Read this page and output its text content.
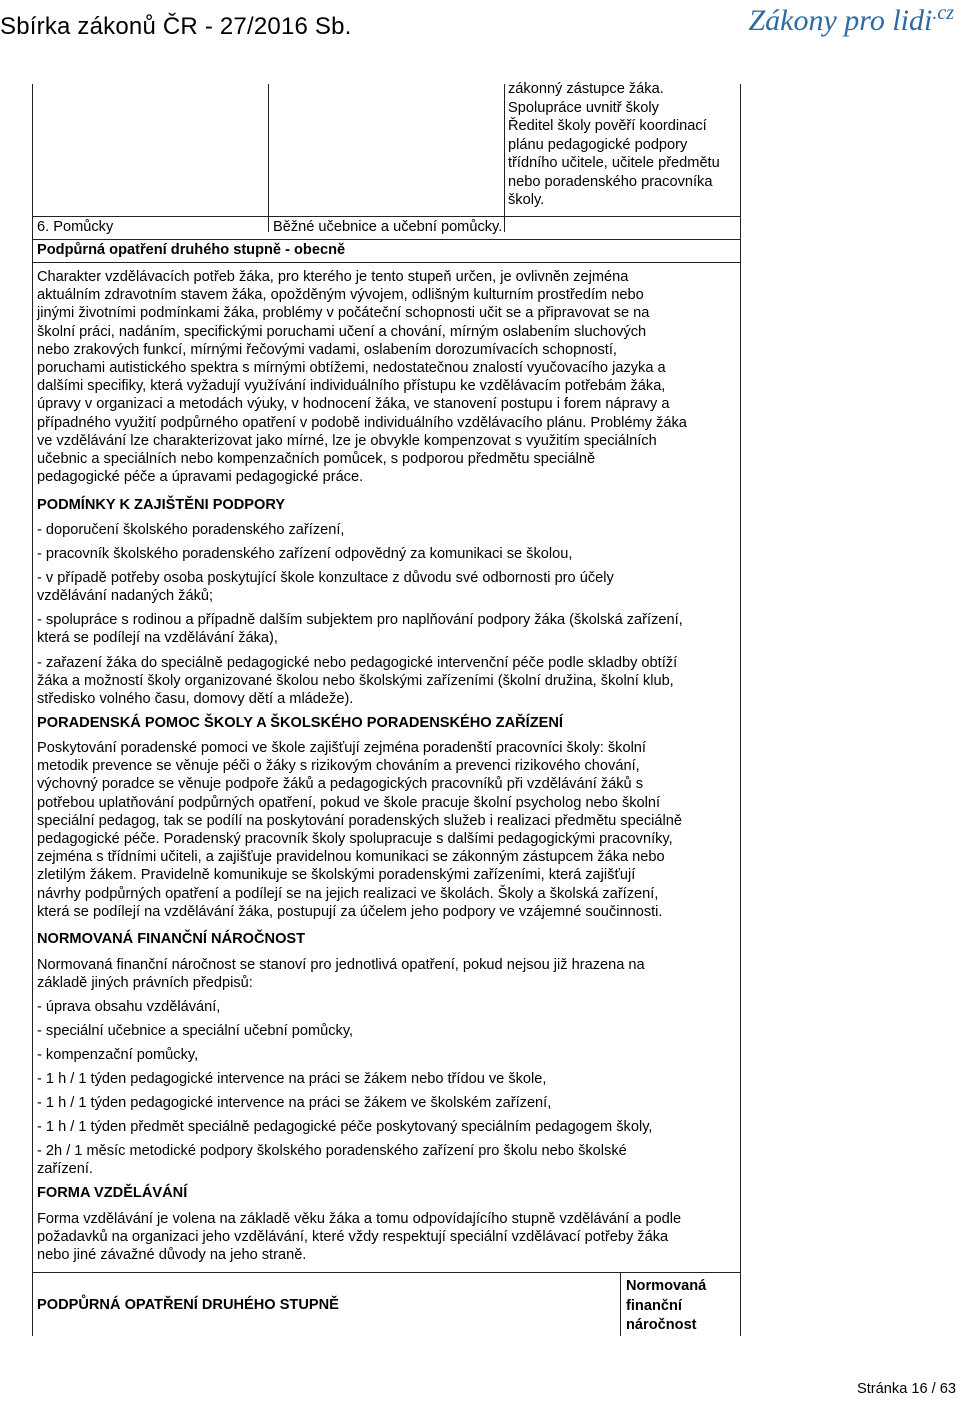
Sbírka zákonů ČR - 27/2016 Sb.	Zákony pro lidi$^{.cz}$
zákonný zástupce žáka.
Spolupráce uvnitř školy
Ředitel školy pověří koordinací
plánu pedagogické podpory
třídního učitele, učitele předmětu
nebo poradenského pracovníka
školy.
6. Pomůcky	Běžné učebnice a učební pomůcky.
Podpůrná opatření druhého stupně - obecně
Charakter vzdělávacích potřeb žáka, pro kterého je tento stupeň určen, je ovlivněn zejména
aktuálním zdravotním stavem žáka, opožděným vývojem, odlišným kulturním prostředím nebo
jinými životními podmínkami žáka, problémy v počáteční schopnosti učit se a připravovat se na
školní práci, nadáním, specifickými poruchami učení a chování, mírným oslabením sluchových
nebo zrakových funkcí, mírnými řečovými vadami, oslabením dorozumívacích schopností,
poruchami autistického spektra s mírnými obtížemi, nedostatečnou znalostí vyučovacího jazyka a
dalšími specifiky, která vyžadují využívání individuálního přístupu ke vzdělávacím potřebám žáka,
úpravy v organizaci a metodách výuky, v hodnocení žáka, ve stanovení postupu i forem nápravy a
případného využití podpůrného opatření v podobě individuálního vzdělávacího plánu. Problémy žáka
ve vzdělávání lze charakterizovat jako mírné, lze je obvykle kompenzovat s využitím speciálních
učebnic a speciálních nebo kompenzačních pomůcek, s podporou předmětu speciálně
pedagogické péče a úpravami pedagogické práce.
PODMÍNKY K ZAJIŠTĚNI PODPORY
- doporučení školského poradenského zařízení,
- pracovník školského poradenského zařízení odpovědný za komunikaci se školou,
- v případě potřeby osoba poskytující škole konzultace z důvodu své odbornosti pro účely
vzdělávání nadaných žáků;
- spolupráce s rodinou a případně dalším subjektem pro naplňování podpory žáka (školská zařízení,
která se podílejí na vzdělávání žáka),
- zařazení žáka do speciálně pedagogické nebo pedagogické intervenční péče podle skladby obtíží
žáka a možností školy organizované školou nebo školskými zařízeními (školní družina, školní klub,
středisko volného času, domovy dětí a mládeže).
PORADENSKÁ POMOC ŠKOLY A ŠKOLSKÉHO PORADENSKÉHO ZAŘÍZENÍ
Poskytování poradenské pomoci ve škole zajišťují zejména poradenští pracovníci školy: školní
metodik prevence se věnuje péči o žáky s rizikovým chováním a prevenci rizikového chování,
výchovný poradce se věnuje podpoře žáků a pedagogických pracovníků při vzdělávání žáků s
potřebou uplatňování podpůrných opatření, pokud ve škole pracuje školní psycholog nebo školní
speciální pedagog, tak se podílí na poskytování poradenských služeb i realizaci předmětu speciálně
pedagogické péče. Poradenský pracovník školy spolupracuje s dalšími pedagogickými pracovníky,
zejména s třídními učiteli, a zajišťuje pravidelnou komunikaci se zákonným zástupcem žáka nebo
zletilým žákem. Pravidelně komunikuje se školskými poradenskými zařízeními, která zajišťují
návrhy podpůrných opatření a podílejí se na jejich realizaci ve školách. Školy a školská zařízení,
která se podílejí na vzdělávání žáka, postupují za účelem jeho podpory ve vzájemné součinnosti.
NORMOVANÁ FINANČNÍ NÁROČNOST
Normovaná finanční náročnost se stanoví pro jednotlivá opatření, pokud nejsou již hrazena na
základě jiných právních předpisů:
- úprava obsahu vzdělávání,
- speciální učebnice a speciální učební pomůcky,
- kompenzační pomůcky,
- 1 h / 1 týden pedagogické intervence na práci se žákem nebo třídou ve škole,
- 1 h / 1 týden pedagogické intervence na práci se žákem ve školském zařízení,
- 1 h / 1 týden předmět speciálně pedagogické péče poskytovaný speciálním pedagogem školy,
- 2h / 1 měsíc metodické podpory školského poradenského zařízení pro školu nebo školské
zařízení.
FORMA VZDĚLÁVÁNÍ
Forma vzdělávání je volena na základě věku žáka a tomu odpovídajícího stupně vzdělávání a podle
požadavků na organizaci jeho vzdělávání, které vždy respektují speciální vzdělávací potřeby žáka
nebo jiné závažné důvody na jeho straně.
PODPŮRNÁ OPATŘENÍ DRUHÉHO STUPNĚ
Normovaná
finanční
náročnost
Stránka 16 / 63
